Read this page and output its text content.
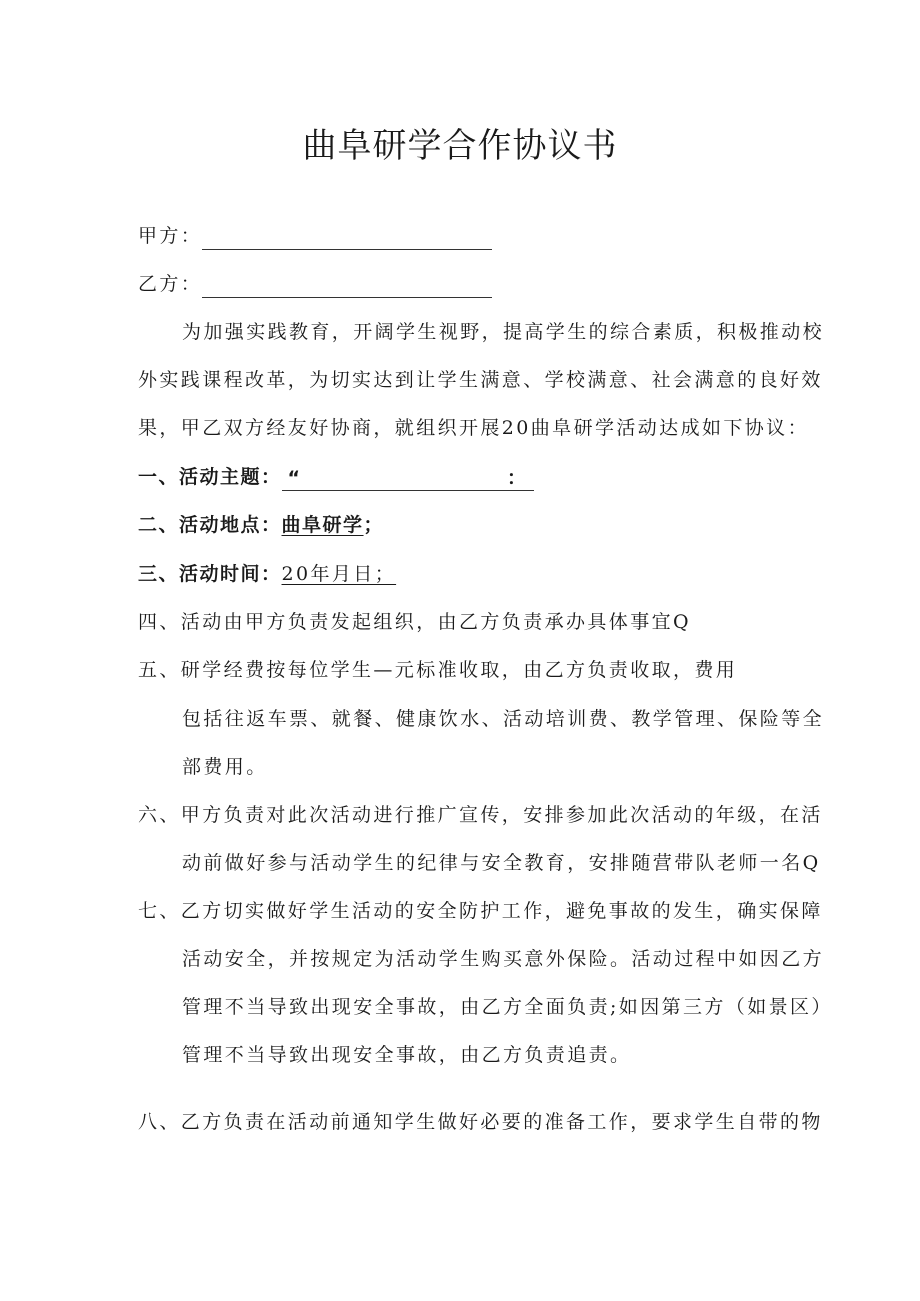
曲阜研学合作协议书
甲方：
乙方：
为加强实践教育，开阔学生视野，提高学生的综合素质，积极推动校
外实践课程改革，为切实达到让学生满意、学校满意、社会满意的良好效
果，甲乙双方经友好协商，就组织开展20曲阜研学活动达成如下协议：
一、活动主题： “	：
二、活动地点：曲阜研学；
三、活动时间：20年月日；
四、活动由甲方负责发起组织，由乙方负责承办具体事宜Q
五、研学经费按每位学生—元标准收取，由乙方负责收取，费用
包括往返车票、就餐、健康饮水、活动培训费、教学管理、保险等全
部费用。
六、甲方负责对此次活动进行推广宣传，安排参加此次活动的年级，在活
动前做好参与活动学生的纪律与安全教育，安排随营带队老师一名Q
七、乙方切实做好学生活动的安全防护工作，避免事故的发生，确实保障
活动安全，并按规定为活动学生购买意外保险。活动过程中如因乙方
管理不当导致出现安全事故，由乙方全面负责;如因第三方（如景区）
管理不当导致出现安全事故，由乙方负责追责。
八、乙方负责在活动前通知学生做好必要的准备工作，要求学生自带的物
